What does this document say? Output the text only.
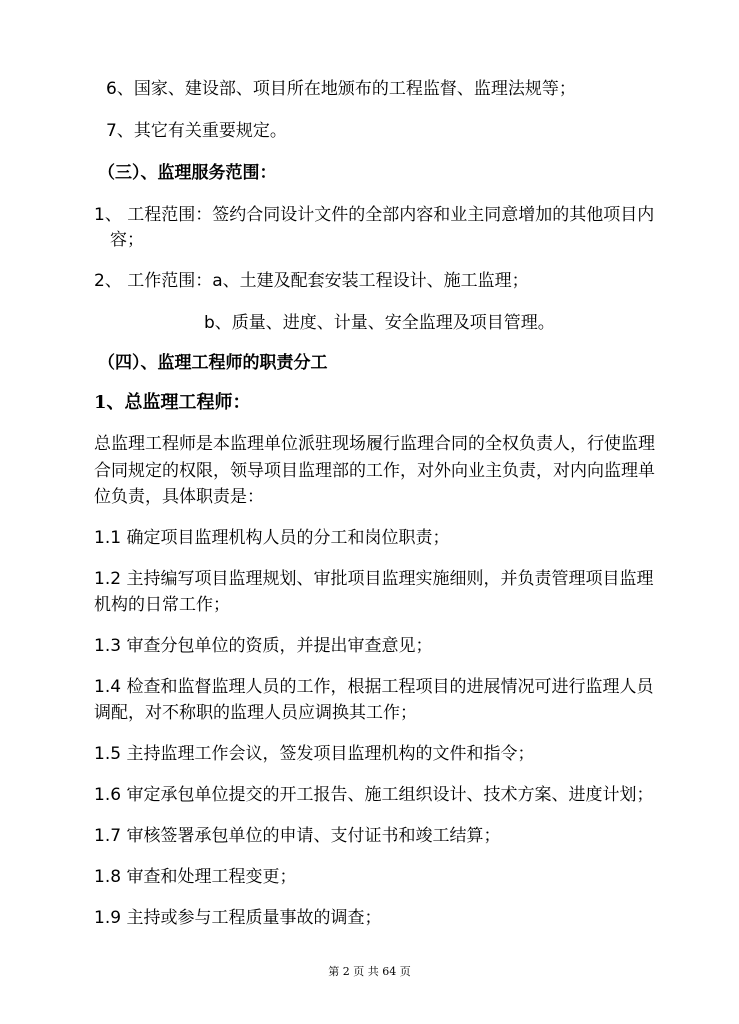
6、国家、建设部、项目所在地颁布的工程监督、监理法规等；
7、其它有关重要规定。
（三）、监理服务范围：
1、 工程范围：签约合同设计文件的全部内容和业主同意增加的其他项目内
容；
2、 工作范围：a、土建及配套安装工程设计、施工监理；
b、质量、进度、计量、安全监理及项目管理。
（四）、监理工程师的职责分工
1、总监理工程师：
总监理工程师是本监理单位派驻现场履行监理合同的全权负责人，行使监理
合同规定的权限，领导项目监理部的工作，对外向业主负责，对内向监理单
位负责，具体职责是：
1.1 确定项目监理机构人员的分工和岗位职责；
1.2 主持编写项目监理规划、审批项目监理实施细则，并负责管理项目监理
机构的日常工作；
1.3 审查分包单位的资质，并提出审查意见；
1.4 检查和监督监理人员的工作，根据工程项目的进展情况可进行监理人员
调配，对不称职的监理人员应调换其工作；
1.5 主持监理工作会议，签发项目监理机构的文件和指令；
1.6 审定承包单位提交的开工报告、施工组织设计、技术方案、进度计划；
1.7 审核签署承包单位的申请、支付证书和竣工结算；
1.8 审查和处理工程变更；
1.9 主持或参与工程质量事故的调查；
第 2 页 共 64 页
